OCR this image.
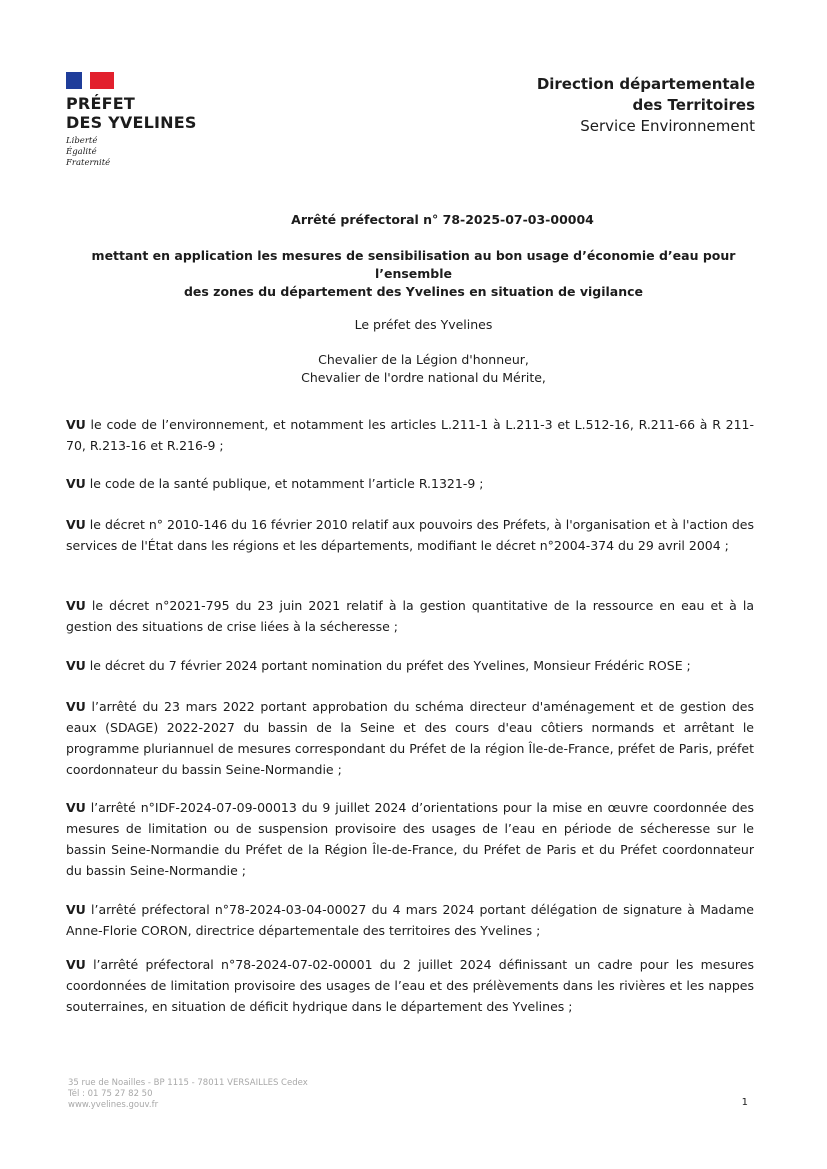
PRÉFET
DES YVELINES
Liberté
Égalité
Fraternité
Direction départementale
des Territoires
Service Environnement
Arrêté préfectoral n° 78-2025-07-03-00004
mettant en application les mesures de sensibilisation au bon usage d’économie d’eau pour l’ensemble
des zones du département des Yvelines en situation de vigilance
Le préfet des Yvelines
Chevalier de la Légion d'honneur,
Chevalier de l'ordre national du Mérite,
VU le code de l’environnement, et notamment les articles L.211-1 à L.211-3 et L.512-16, R.211-66 à R 211-70, R.213-16 et R.216-9 ;
VU le code de la santé publique, et notamment l’article R.1321-9 ;
VU le décret n° 2010-146 du 16 février 2010 relatif aux pouvoirs des Préfets, à l'organisation et à l'action des services de l'État dans les régions et les départements, modifiant le décret n°2004-374 du 29 avril 2004 ;
VU le décret n°2021-795 du 23 juin 2021 relatif à la gestion quantitative de la ressource en eau et à la gestion des situations de crise liées à la sécheresse ;
VU le décret du 7 février 2024 portant nomination du préfet des Yvelines, Monsieur Frédéric ROSE ;
VU l’arrêté du 23 mars 2022 portant approbation du schéma directeur d'aménagement et de gestion des eaux (SDAGE) 2022-2027 du bassin de la Seine et des cours d'eau côtiers normands et arrêtant le programme pluriannuel de mesures correspondant du Préfet de la région Île-de-France, préfet de Paris, préfet coordonnateur du bassin Seine-Normandie ;
VU l’arrêté n°IDF-2024-07-09-00013 du 9 juillet 2024 d’orientations pour la mise en œuvre coordonnée des mesures de limitation ou de suspension provisoire des usages de l’eau en période de sécheresse sur le bassin Seine-Normandie du Préfet de la Région Île-de-France, du Préfet de Paris et du Préfet coordonnateur du bassin Seine-Normandie ;
VU l’arrêté préfectoral n°78-2024-03-04-00027 du 4 mars 2024 portant délégation de signature à Madame Anne-Florie CORON, directrice départementale des territoires des Yvelines ;
VU l’arrêté préfectoral n°78-2024-07-02-00001 du 2 juillet 2024 définissant un cadre pour les mesures coordonnées de limitation provisoire des usages de l’eau et des prélèvements dans les rivières et les nappes souterraines, en situation de déficit hydrique dans le département des Yvelines ;
35 rue de Noailles - BP 1115 - 78011 VERSAILLES Cedex
Tél : 01 75 27 82 50
www.yvelines.gouv.fr	1
